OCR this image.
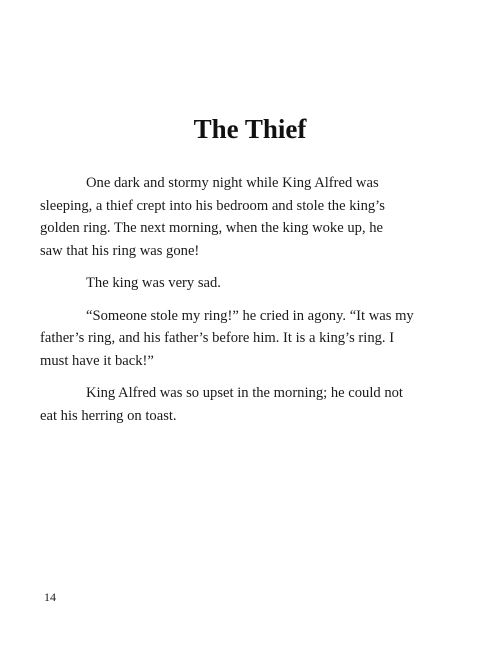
The Thief

One dark and stormy night while King Alfred was
sleeping, a thief crept into his bedroom and stole the king’s
golden ring. The next morning, when the king woke up, he
saw that his ring was gone!

The king was very sad.

“Someone stole my ring!” he cried in agony. “It was my
father’s ring, and his father’s before him. It is a king’s ring. I
must have it back!”

King Alfred was so upset in the morning; he could not
eat his herring on toast.

14
